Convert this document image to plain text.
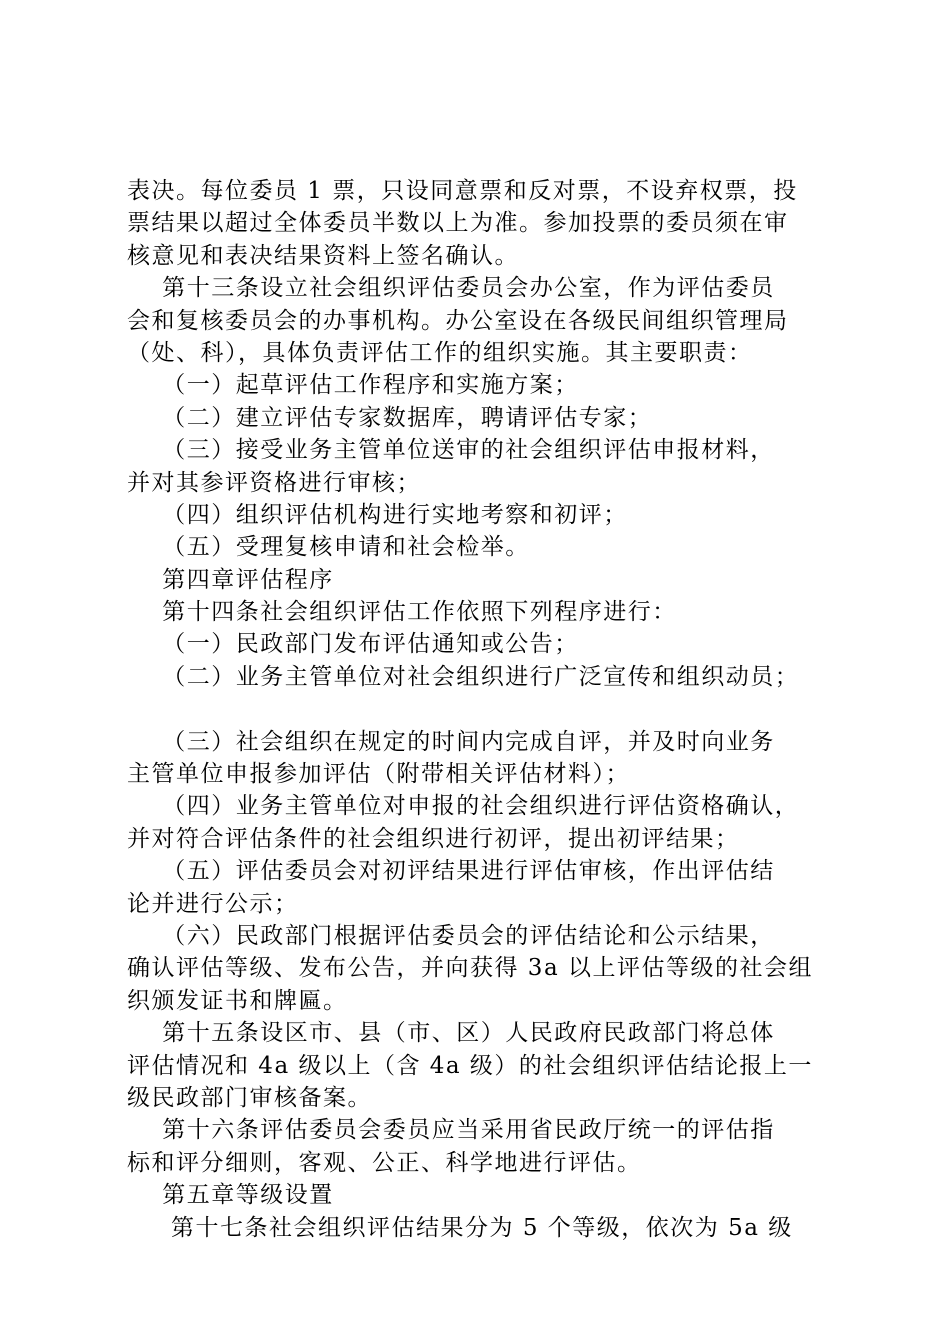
表决。每位委员 1 票，只设同意票和反对票，不设弃权票，投
票结果以超过全体委员半数以上为准。参加投票的委员须在审
核意见和表决结果资料上签名确认。
第十三条设立社会组织评估委员会办公室，作为评估委员
会和复核委员会的办事机构。办公室设在各级民间组织管理局
（处、科），具体负责评估工作的组织实施。其主要职责：
（一）起草评估工作程序和实施方案；
（二）建立评估专家数据库，聘请评估专家；
（三）接受业务主管单位送审的社会组织评估申报材料，
并对其参评资格进行审核；
（四）组织评估机构进行实地考察和初评；
（五）受理复核申请和社会检举。
第四章评估程序
第十四条社会组织评估工作依照下列程序进行：
（一）民政部门发布评估通知或公告；
（二）业务主管单位对社会组织进行广泛宣传和组织动员；
（三）社会组织在规定的时间内完成自评，并及时向业务
主管单位申报参加评估（附带相关评估材料）；
（四）业务主管单位对申报的社会组织进行评估资格确认，
并对符合评估条件的社会组织进行初评，提出初评结果；
（五）评估委员会对初评结果进行评估审核，作出评估结
论并进行公示；
（六）民政部门根据评估委员会的评估结论和公示结果，
确认评估等级、发布公告，并向获得 3a 以上评估等级的社会组
织颁发证书和牌匾。
第十五条设区市、县（市、区）人民政府民政部门将总体
评估情况和 4a 级以上（含 4a 级）的社会组织评估结论报上一
级民政部门审核备案。
第十六条评估委员会委员应当采用省民政厅统一的评估指
标和评分细则，客观、公正、科学地进行评估。
第五章等级设置
第十七条社会组织评估结果分为 5 个等级，依次为 5a 级
